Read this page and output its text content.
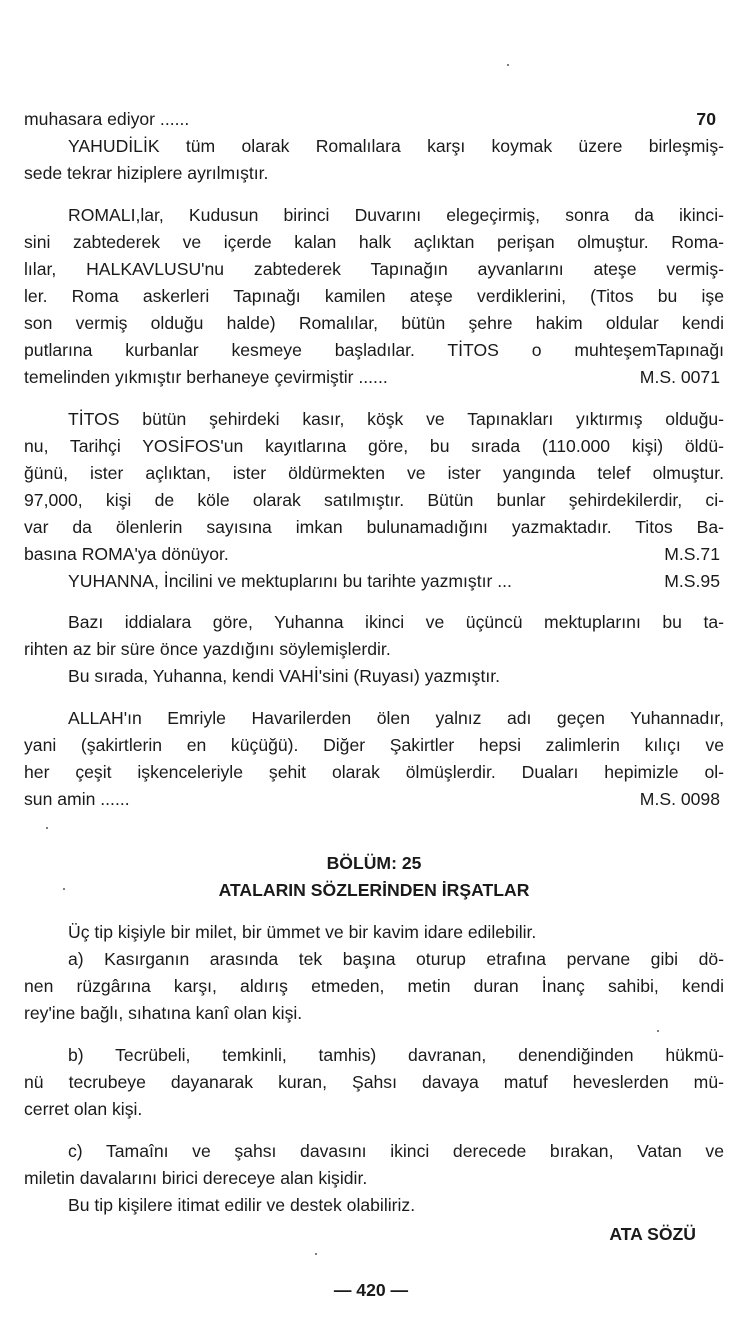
muhasara ediyor ......	70
YAHUDİLİK tüm olarak Romalılara karşı koymak üzere birleşmiş-
sede tekrar hiziplere ayrılmıştır.
ROMALI,lar, Kudusun birinci Duvarını elegeçirmiş, sonra da ikinci-
sini zabtederek ve içerde kalan halk açlıktan perişan olmuştur. Roma-
lılar, HALKAVLUSU'nu zabtederek Tapınağın ayvanlarını ateşe vermiş-
ler. Roma askerleri Tapınağı kamilen ateşe verdiklerini, (Titos bu işe
son vermiş olduğu halde) Romalılar, bütün şehre hakim oldular kendi
putlarına kurbanlar kesmeye başladılar. TİTOS o muhteşemTapınağı
temelinden yıkmıştır berhaneye çevirmiştir ......	M.S. 0071
TİTOS bütün şehirdeki kasır, köşk ve Tapınakları yıktırmış olduğu-
nu, Tarihçi YOSİFOS'un kayıtlarına göre, bu sırada (110.000 kişi) öldü-
ğünü, ister açlıktan, ister öldürmekten ve ister yangında telef olmuştur.
97,000, kişi de köle olarak satılmıştır. Bütün bunlar şehirdekilerdir, ci-
var da ölenlerin sayısına imkan bulunamadığını yazmaktadır. Titos Ba-
basına ROMA'ya dönüyor.	M.S.71
YUHANNA, İncilini ve mektuplarını bu tarihte yazmıştır ...	M.S.95
Bazı iddialara göre, Yuhanna ikinci ve üçüncü mektuplarını bu ta-
rihten az bir süre önce yazdığını söylemişlerdir.
Bu sırada, Yuhanna, kendi VAHİ'sini (Ruyası) yazmıştır.
ALLAH'ın Emriyle Havarilerden ölen yalnız adı geçen Yuhannadır,
yani (şakirtlerin en küçüğü). Diğer Şakirtler hepsi zalimlerin kılıçı ve
her çeşit işkenceleriyle şehit olarak ölmüşlerdir. Duaları hepimizle ol-
sun amin ......	M.S. 0098
BÖLÜM: 25
ATALARIN SÖZLERİNDEN İRŞATLAR
Üç tip kişiyle bir milet, bir ümmet ve bir kavim idare edilebilir.
a) Kasırganın arasında tek başına oturup etrafına pervane gibi dö-
nen rüzgârına karşı, aldırış etmeden, metin duran İnanç sahibi, kendi
rey'ine bağlı, sıhatına kanî olan kişi.
b) Tecrübeli, temkinli, tamhis) davranan, denendiğinden hükmü-
nü tecrubeye dayanarak kuran, Şahsı davaya matuf heveslerden mü-
cerret olan kişi.
c) Tamaînı ve şahsı davasını ikinci derecede bırakan, Vatan ve
miletin davalarını birici dereceye alan kişidir.
Bu tip kişilere itimat edilir ve destek olabiliriz.
ATA SÖZÜ
— 420 —
